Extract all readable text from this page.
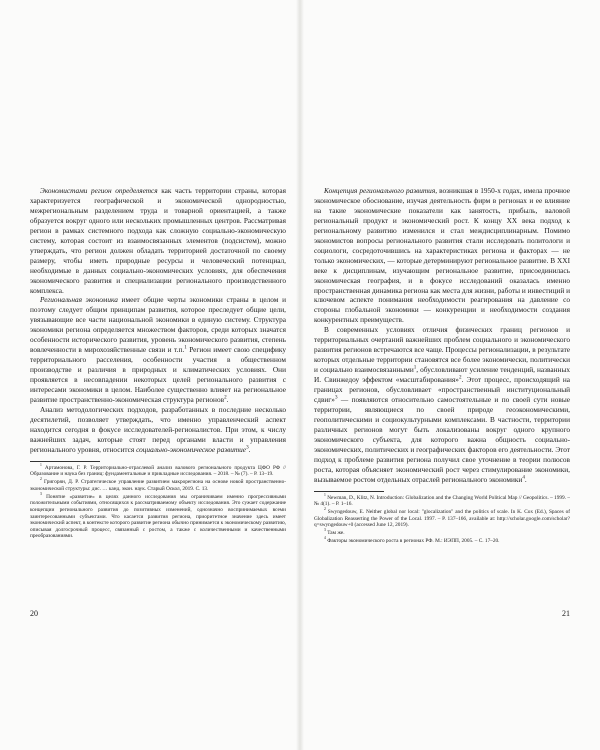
Экономистами регион определяется как часть территории страны, которая характеризуется географической и экономической однородностью, межрегиональным разделением труда и товарной ориентацией, а также образуется вокруг одного или нескольких промышленных центров. Рассматривая регион в рамках системного подхода как сложную социально-экономическую систему, которая состоит из взаимосвязанных элементов (подсистем), можно утверждать, что регион должен обладать территорией достаточной по своему размеру, чтобы иметь природные ресурсы и человеческий потенциал, необходимые в данных социально-экономических условиях, для обеспечения экономического развития и специализации регионального производственного комплекса.

Региональная экономика имеет общие черты экономики страны в целом и поэтому следует общим принципам развития, которое преследует общие цели, увязывающие все части национальной экономики в единую систему. Структура экономики региона определяется множеством факторов, среди которых значатся особенности исторического развития, уровень экономического развития, степень вовлеченности в мирохозяйственные связи и т.п.$^1$ Регион имеет свою специфику территориального расселения, особенности участия в общественном производстве и различия в природных и климатических условиях. Они проявляется в несовпадении некоторых целей регионального развития с интересами экономики в целом. Наиболее существенно влияет на региональное развитие пространственно-экономическая структура регионов$^2$.

Анализ методологических подходов, разработанных в последние несколько десятилетий, позволяет утверждать, что именно управленческий аспект находится сегодня в фокусе исследователей-регионалистов. При этом, к числу важнейших задач, которые стоят перед органами власти и управления регионального уровня, относится социально-экономическое развитие$^3$.

$^1$ Артамонова, Г. Р. Территориально-отраслевой анализ валового регионального продукта ЦФО РФ // Образование и наука без границ: фундаментальные и прикладные исследования. – 2018. – № (7). – Р. 13–19.

$^2$ Григорян, Д. Р. Стратегическое управление развитием макрорегиона на основе новой пространственно-экономической структуры: дис. … канд. экон. наук. Старый Оскол, 2019. С. 13.

$^3$ Понятие «развитие» в целях данного исследования мы ограничиваем именно прогрессивными положительными событиями, относящихся к рассматриваемому объекту исследования. Это сужает содержание концепции регионального развития до позитивных изменений, однозначно воспринимаемых всеми заинтересованными субъектами. Что касается развития региона, приоритетное значение здесь имеет экономический аспект, в контексте которого развитие региона обычно принимается к экономическому развитию, описывая долгосрочный процесс, связанный с ростом, а также с количественными и качественными преобразованиями.

20

Концепция регионального развития, возникшая в 1950-х годах, имела прочное экономическое обоснование, изучая деятельность фирм в регионах и ее влияние на такие экономические показатели как занятость, прибыль, валовой региональный продукт и экономический рост. К концу XX века подход к региональному развитию изменился и стал междисциплинарным. Помимо экономистов вопросы регионального развития стали исследовать политологи и социологи, сосредоточившись на характеристиках региона и факторах — не только экономических, — которые детерминируют региональное развитие. В XXI веке к дисциплинам, изучающим региональное развитие, присоединилась экономическая география, и в фокусе исследований оказалась именно пространственная динамика региона как места для жизни, работы и инвестиций и ключевом аспекте понимания необходимости реагирования на давление со стороны глобальной экономики — конкуренции и необходимости создания конкурентных преимуществ.

В современных условиях отличия физических границ регионов и территориальных очертаний важнейших проблем социального и экономического развития регионов встречаются все чаще. Процессы регионализации, в результате которых отдельные территории становятся все более экономически, политически и социально взаимосвязанными$^1$, обусловливают усиление тенденций, названных И. Свинжедоу эффектом «масштабирования»$^2$. Этот процесс, происходящий на границах регионов, обусловливает «пространственный институциональный сдвиг»$^3$ — появляются относительно самостоятельные и по своей сути новые территории, являющиеся по своей природе геоэкономическими, геополитическими и социокультурными комплексами. В частности, территории различных регионов могут быть локализованы вокруг одного крупного экономического субъекта, для которого важна общность социально-экономических, политических и географических факторов его деятельности. Этот подход к проблеме развития региона получил свое уточнение в теории полюсов роста, которая объясняет экономический рост через стимулирование экономики, вызываемое ростом отдельных отраслей регионального экономики$^4$.

$^1$ Newman, D., Klitz, N. Introduction: Globalization and the Changing World Political Map // Geopolitics. – 1999. – № 4(1). – P. 1–16.

$^2$ Swyngedouw, E. Neither global nor local: "glocalization" and the politics of scale. In K. Cox (Ed.), Spaces of Globalization Reasserting the Power of the Local. 1997. – P. 137–166, available at: http://scholar.google.com/scholar?q=swyngedouw+0 (accessed June 12, 2019).

$^3$ Там же.

$^4$ Факторы экономического роста в регионах РФ. М.: ИЭПП, 2005. – С. 17–20.

21
